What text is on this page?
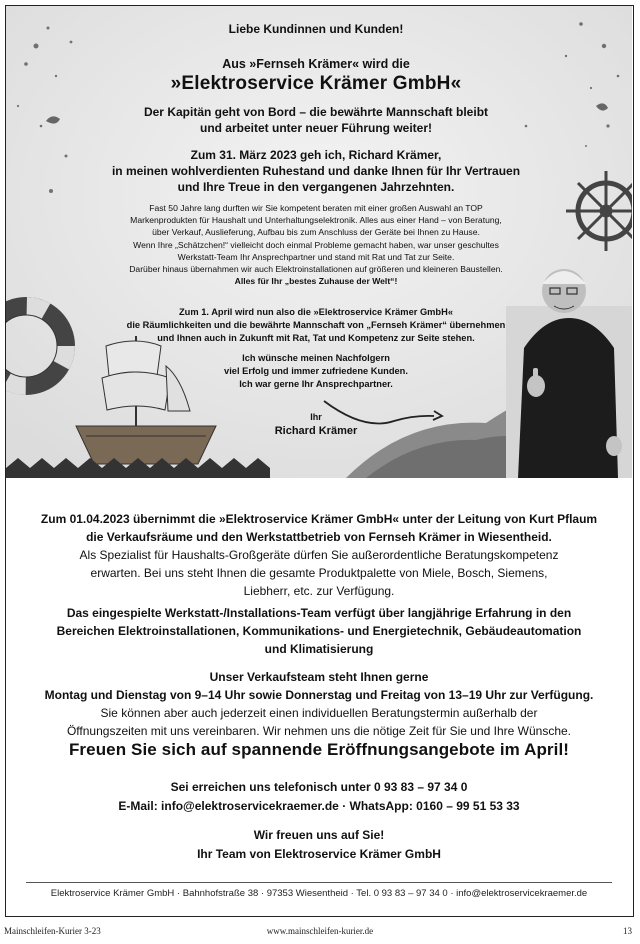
Liebe Kundinnen und Kunden!
Aus »Fernseh Krämer« wird die
»Elektroservice Krämer GmbH«
Der Kapitän geht von Bord – die bewährte Mannschaft bleibt
und arbeitet unter neuer Führung weiter!
Zum 31. März 2023 geh ich, Richard Krämer,
in meinen wohlverdienten Ruhestand und danke Ihnen für Ihr Vertrauen
und Ihre Treue in den vergangenen Jahrzehnten.
Fast 50 Jahre lang durften wir Sie kompetent beraten mit einer großen Auswahl an TOP
Markenprodukten für Haushalt und Unterhaltungselektronik. Alles aus einer Hand – von Beratung,
über Verkauf, Auslieferung, Aufbau bis zum Anschluss der Geräte bei Ihnen zu Hause.
Wenn Ihre „Schätzchen!“ vielleicht doch einmal Probleme gemacht haben, war unser geschultes
Werkstatt-Team Ihr Ansprechpartner und stand mit Rat und Tat zur Seite.
Darüber hinaus übernahmen wir auch Elektroinstallationen auf größeren und kleineren Baustellen.
Alles für Ihr „bestes Zuhause der Welt“!
Zum 1. April wird nun also die »Elektroservice Krämer GmbH«
die Räumlichkeiten und die bewährte Mannschaft von „Fernseh Krämer“ übernehmen
und Ihnen auch in Zukunft mit Rat, Tat und Kompetenz zur Seite stehen.
Ich wünsche meinen Nachfolgern
viel Erfolg und immer zufriedene Kunden.
Ich war gerne Ihr Ansprechpartner.
Ihr
Richard Krämer
Zum 01.04.2023 übernimmt die »Elektroservice Krämer GmbH« unter der Leitung von Kurt Pflaum
die Verkaufsräume und den Werkstattbetrieb von Fernseh Krämer in Wiesentheid.
Als Spezialist für Haushalts-Großgeräte dürfen Sie außerordentliche Beratungskompetenz
erwarten. Bei uns steht Ihnen die gesamte Produktpalette von Miele, Bosch, Siemens,
Liebherr, etc. zur Verfügung.
Das eingespielte Werkstatt-/Installations-Team verfügt über langjährige Erfahrung in den
Bereichen Elektroinstallationen, Kommunikations- und Energietechnik, Gebäudeautomation
und Klimatisierung
Unser Verkaufsteam steht Ihnen gerne
Montag und Dienstag von 9–14 Uhr sowie Donnerstag und Freitag von 13–19 Uhr zur Verfügung.
Sie können aber auch jederzeit einen individuellen Beratungstermin außerhalb der
Öffnungszeiten mit uns vereinbaren. Wir nehmen uns die nötige Zeit für Sie und Ihre Wünsche.
Freuen Sie sich auf spannende Eröffnungsangebote im April!
Sei erreichen uns telefonisch unter 0 93 83 – 97 34 0
E-Mail: info@elektroservicekraemer.de · WhatsApp: 0160 – 99 51 53 33
Wir freuen uns auf Sie!
Ihr Team von Elektroservice Krämer GmbH
Elektroservice Krämer GmbH · Bahnhofstraße 38 · 97353 Wiesentheid · Tel. 0 93 83 – 97 34 0 · info@elektroservicekraemer.de
Mainschleifen-Kurier 3-23	www.mainschleifen-kurier.de	13
